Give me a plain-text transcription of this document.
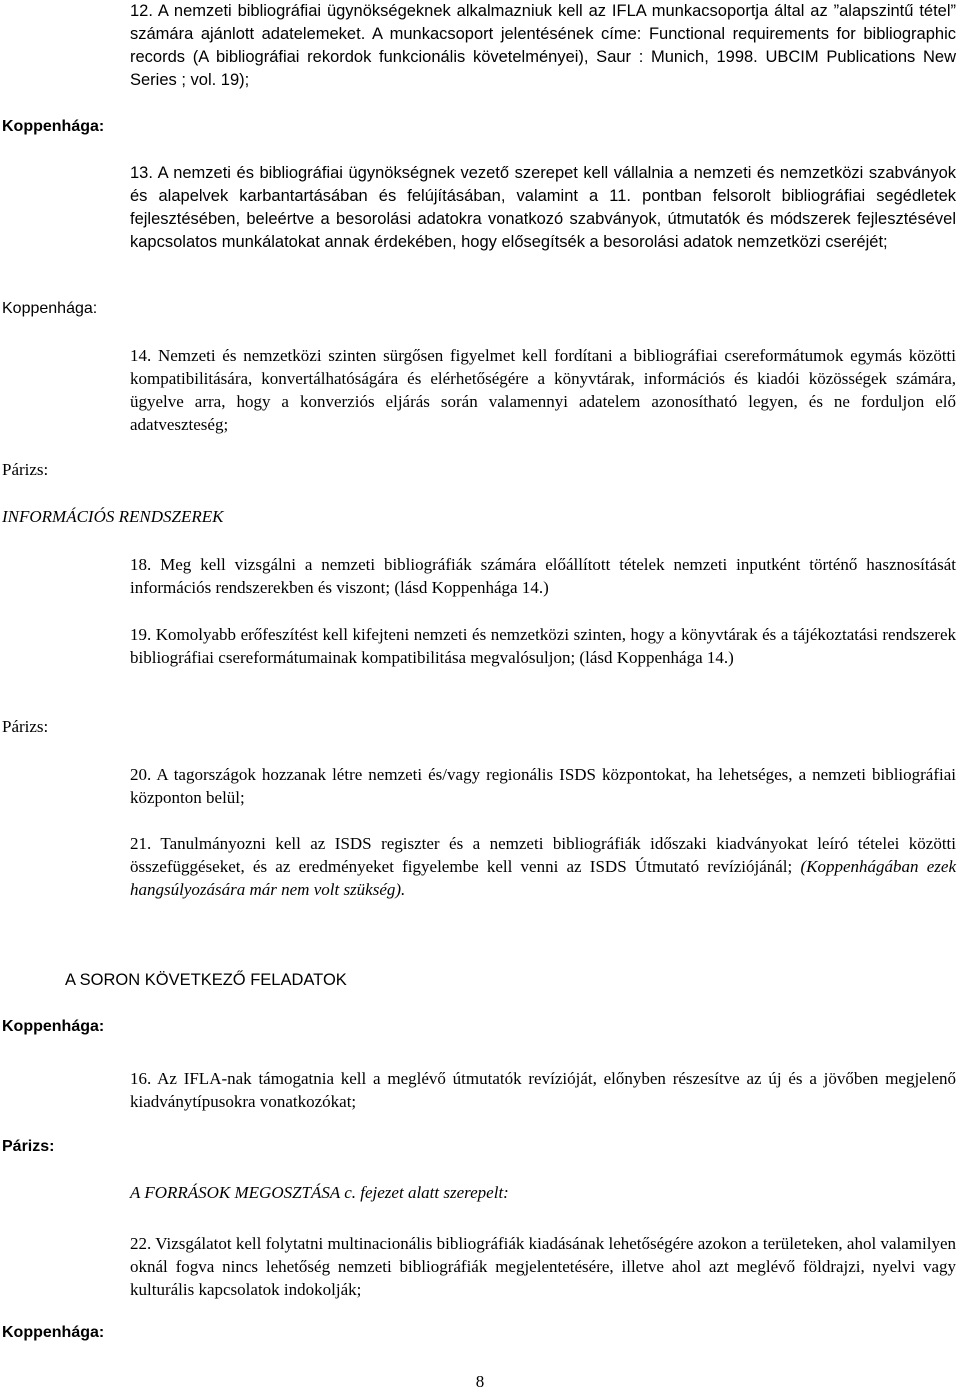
12. A nemzeti bibliográfiai ügynökségeknek alkalmazniuk kell az IFLA munkacsoportja által az ”alapszintű tétel” számára ajánlott adatelemeket. A munkacsoport jelentésének címe: Functional requirements for bibliographic records (A bibliográfiai rekordok funkcionális követelményei), Saur : Munich, 1998. UBCIM Publications New Series ; vol. 19);

Koppenhága:

13. A nemzeti és bibliográfiai ügynökségnek vezető szerepet kell vállalnia a nemzeti és nemzetközi szabványok és alapelvek karbantartásában és felújításában, valamint a 11. pontban felsorolt bibliográfiai segédletek fejlesztésében, beleértve a besorolási adatokra vonatkozó szabványok, útmutatók és módszerek fejlesztésével kapcsolatos munkálatokat annak érdekében, hogy elősegítsék a besorolási adatok nemzetközi cseréjét;

Koppenhága:

14. Nemzeti és nemzetközi szinten sürgősen figyelmet kell fordítani a bibliográfiai csereformátumok egymás közötti kompatibilitására, konvertálhatóságára és elérhetőségére a könyvtárak, információs és kiadói közösségek számára, ügyelve arra, hogy a konverziós eljárás során valamennyi adatelem azonosítható legyen, és ne forduljon elő adatveszteség;

Párizs:

INFORMÁCIÓS RENDSZEREK

18. Meg kell vizsgálni a nemzeti bibliográfiák számára előállított tételek nemzeti inputként történő hasznosítását információs rendszerekben és viszont; (lásd Koppenhága 14.)

19. Komolyabb erőfeszítést kell kifejteni nemzeti és nemzetközi szinten, hogy a könyvtárak és a tájékoztatási rendszerek bibliográfiai csereformátumainak kompatibilitása megvalósuljon; (lásd Koppenhága 14.)

Párizs:

20. A tagországok hozzanak létre nemzeti és/vagy regionális ISDS központokat, ha lehetséges, a nemzeti bibliográfiai központon belül;

21. Tanulmányozni kell az ISDS regiszter és a nemzeti bibliográfiák időszaki kiadványokat leíró tételei közötti összefüggéseket, és az eredményeket figyelembe kell venni az ISDS Útmutató revíziójánál; (Koppenhágában ezek hangsúlyozására már nem volt szükség).

A SORON KÖVETKEZŐ FELADATOK

Koppenhága:

16. Az IFLA-nak támogatnia kell a meglévő útmutatók revízióját, előnyben részesítve az új és a jövőben megjelenő kiadványtípusokra vonatkozókat;

Párizs:

A FORRÁSOK MEGOSZTÁSA c. fejezet alatt szerepelt:

22. Vizsgálatot kell folytatni multinacionális bibliográfiák kiadásának lehetőségére azokon a területeken, ahol valamilyen oknál fogva nincs lehetőség nemzeti bibliográfiák megjelentetésére, illetve ahol azt meglévő földrajzi, nyelvi vagy kulturális kapcsolatok indokolják;

Koppenhága:

8
